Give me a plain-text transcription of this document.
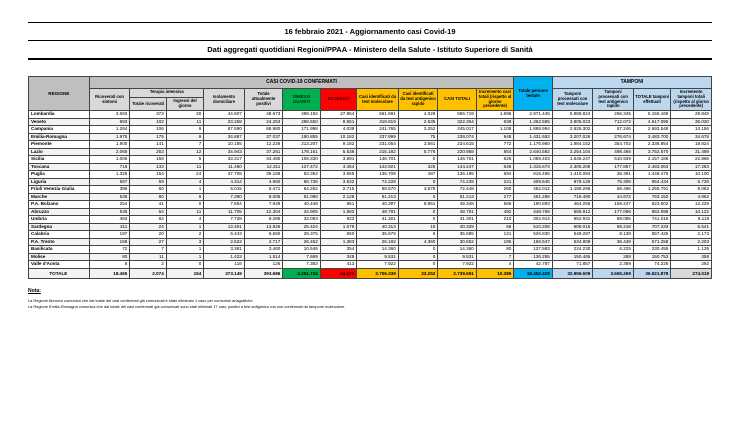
16 febbraio 2021 - Aggiornamento casi Covid-19
Dati aggregati quotidiani Regioni/PPAA - Ministero della Salute - Istituto Superiore di Sanità
REGIONE	CASI COVID-19 CONFERMATI											Totale persone testate	TAMPONI			
	Ricoverati con sintomi	Terapia intensiva		Isolamento domiciliare	Totale attualmente positivi	DIMESSI GUARITI	DECEDUTI	Casi identificati da test molecolare	Casi identificati da test antigenico rapido	CASI TOTALI	Incremento casi totali (rispetto al giorno precedente)		Tamponi processati con test molecolare	Tamponi processati con test antigenico rapido	TOTALE tamponi effettuati	Incremento tamponi totali (rispetto al giorno precedente)
		Totale ricoverati	Ingressi del giorno													
Lombardia	3.693	373	30	44.607	48.673	489.192	27.854	561.691	4.028	565.719	1.696	2.971.445	5.888.824	266.345	6.155.169	29.846
Veneto	893	102	11	23.258	24.253	288.550	9.551	319.819	2.535	322.354	638	1.362.585	3.905.023	712.072	4.617.095	35.030
Campania	1.284	106	9	67.590	68.980	171.998	4.039	241.765	3.252	245.017	1.108	1.888.994	2.626.302	67.246	2.693.548	14.156
Emilia-Romagna	1.975	175	9	34.887	37.037	190.855	10.182	237.999	75	238.074	948	1.431.653	3.207.026	276.674	3.483.700	34.678
Piemonte	1.900	141	7	10.185	12.226	213.207	9.182	231.054	3.561	234.615	772	1.176.960	1.984.152	354.702	2.338.854	18.824
Lazio	2.065	253	12	34.943	37.261	178.161	5.536	215.182	5.776	220.958	854	2.640.582	3.254.104	498.466	3.752.570	31.489
Sicilia	1.005	158	5	33.317	34.480	108.330	3.891	146.701	0	146.701	625	1.089.403	1.646.247	510.939	2.157.186	22.868
Toscana	718	133	11	11.460	12.311	127.472	4.464	143.921	326	144.247	646	1.315.673	2.305.206	177.857	2.483.063	17.283
Puglia	1.326	154	24	37.708	39.188	93.352	3.655	135.708	487	136.195	694	815.496	1.410.084	38.391	1.448.475	10.100
Liguria	587	59	4	4.314	4.960	65.736	3.532	74.228	0	74.228	221	409.545	879.126	75.308	954.434	6.730
Friuli Venezia Giulia	396	60	1	5.015	5.471	64.262	2.715	68.570	3.878	72.448	260	452.012	1.189.295	66.496	1.255.791	8.082
Marche	535	80	6	7.390	8.005	51.080	2.128	61.213	0	61.213	277	461.288	718.480	44.672	763.152	4.962
P.A. Bolzano	254	41	0	7.654	7.949	40.448	951	40.397	8.951	49.348	566	190.893	464.255	159.247	623.502	12.229
Abruzzo	535	64	11	11.705	12.304	34.905	1.582	48.791	0	48.791	492	448.768	685.912	177.086	862.998	10.122
Umbria	463	84	4	7.738	8.285	32.093	923	41.301	0	41.301	210	302.914	652.931	88.085	741.016	8.118
Sardegna	311	24	1	13.491	13.826	25.424	1.079	40.313	16	40.329	66	510.206	609.015	98.218	707.233	5.541
Calabria	197	20	2	6.443	6.660	28.375	650	35.679	6	35.685	121	526.830	549.287	8.138	557.425	2.173
P.A. Trento	168	27	3	2.522	2.717	26.452	1.383	26.192	4.360	30.552	195	166.547	534.809	36.449	571.258	2.203
Basilicata	72	7	1	3.381	3.460	10.546	354	14.360	0	14.360	80	137.583	224.230	6.225	230.455	1.135
Molise	80	11	1	1.423	1.514	7.669	348	9.531	0	9.531	7	136.255	150.465	288	150.753	358
Valle d'Aosta	8	2	0	116	126	7.383	413	7.922	0	7.922	4	42.787	71.857	2.369	74.226	292
TOTALE	18.465	2.074	154	373.149	393.686	2.251.734	94.171	2.706.339	33.252	2.739.591	10.386	18.452.428	32.956.609	3.665.269	36.621.878	274.019
Nota:
La Regione Abruzzo comunica che dal totale dei casi confermati già comunicati è stato eliminato 1 caso per correzioni anagrafiche.
La Regione Emilia-Romagna comunica che dal totale dei casi confermati già comunicati sono stati eliminati 17 casi, positivi a test antigenico ma non confermati da tampone molecolare.
